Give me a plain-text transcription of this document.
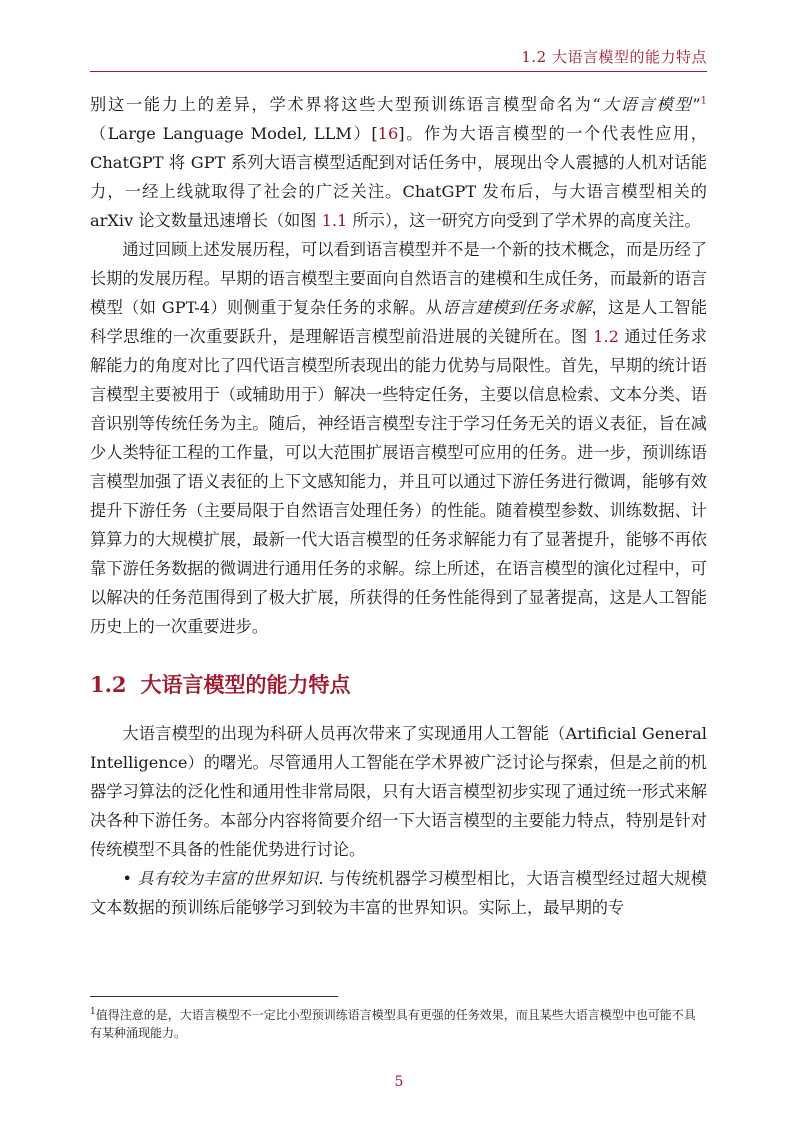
1.2 大语言模型的能力特点

别这一能力上的差异，学术界将这些大型预训练语言模型命名为“大语言模型”$^1$（Large Language Model, LLM）[16]。作为大语言模型的一个代表性应用，ChatGPT 将 GPT 系列大语言模型适配到对话任务中，展现出令人震撼的人机对话能力，一经上线就取得了社会的广泛关注。ChatGPT 发布后，与大语言模型相关的 arXiv 论文数量迅速增长（如图 1.1 所示），这一研究方向受到了学术界的高度关注。

通过回顾上述发展历程，可以看到语言模型并不是一个新的技术概念，而是历经了长期的发展历程。早期的语言模型主要面向自然语言的建模和生成任务，而最新的语言模型（如 GPT-4）则侧重于复杂任务的求解。从语言建模到任务求解，这是人工智能科学思维的一次重要跃升，是理解语言模型前沿进展的关键所在。图 1.2 通过任务求解能力的角度对比了四代语言模型所表现出的能力优势与局限性。首先，早期的统计语言模型主要被用于（或辅助用于）解决一些特定任务，主要以信息检索、文本分类、语音识别等传统任务为主。随后，神经语言模型专注于学习任务无关的语义表征，旨在减少人类特征工程的工作量，可以大范围扩展语言模型可应用的任务。进一步，预训练语言模型加强了语义表征的上下文感知能力，并且可以通过下游任务进行微调，能够有效提升下游任务（主要局限于自然语言处理任务）的性能。随着模型参数、训练数据、计算算力的大规模扩展，最新一代大语言模型的任务求解能力有了显著提升，能够不再依靠下游任务数据的微调进行通用任务的求解。综上所述，在语言模型的演化过程中，可以解决的任务范围得到了极大扩展，所获得的任务性能得到了显著提高，这是人工智能历史上的一次重要进步。

1.2 大语言模型的能力特点

大语言模型的出现为科研人员再次带来了实现通用人工智能（Artificial General Intelligence）的曙光。尽管通用人工智能在学术界被广泛讨论与探索，但是之前的机器学习算法的泛化性和通用性非常局限，只有大语言模型初步实现了通过统一形式来解决各种下游任务。本部分内容将简要介绍一下大语言模型的主要能力特点，特别是针对传统模型不具备的性能优势进行讨论。

• 具有较为丰富的世界知识. 与传统机器学习模型相比，大语言模型经过超大规模文本数据的预训练后能够学习到较为丰富的世界知识。实际上，最早期的专

$^1$值得注意的是，大语言模型不一定比小型预训练语言模型具有更强的任务效果，而且某些大语言模型中也可能不具有某种涌现能力。
5
